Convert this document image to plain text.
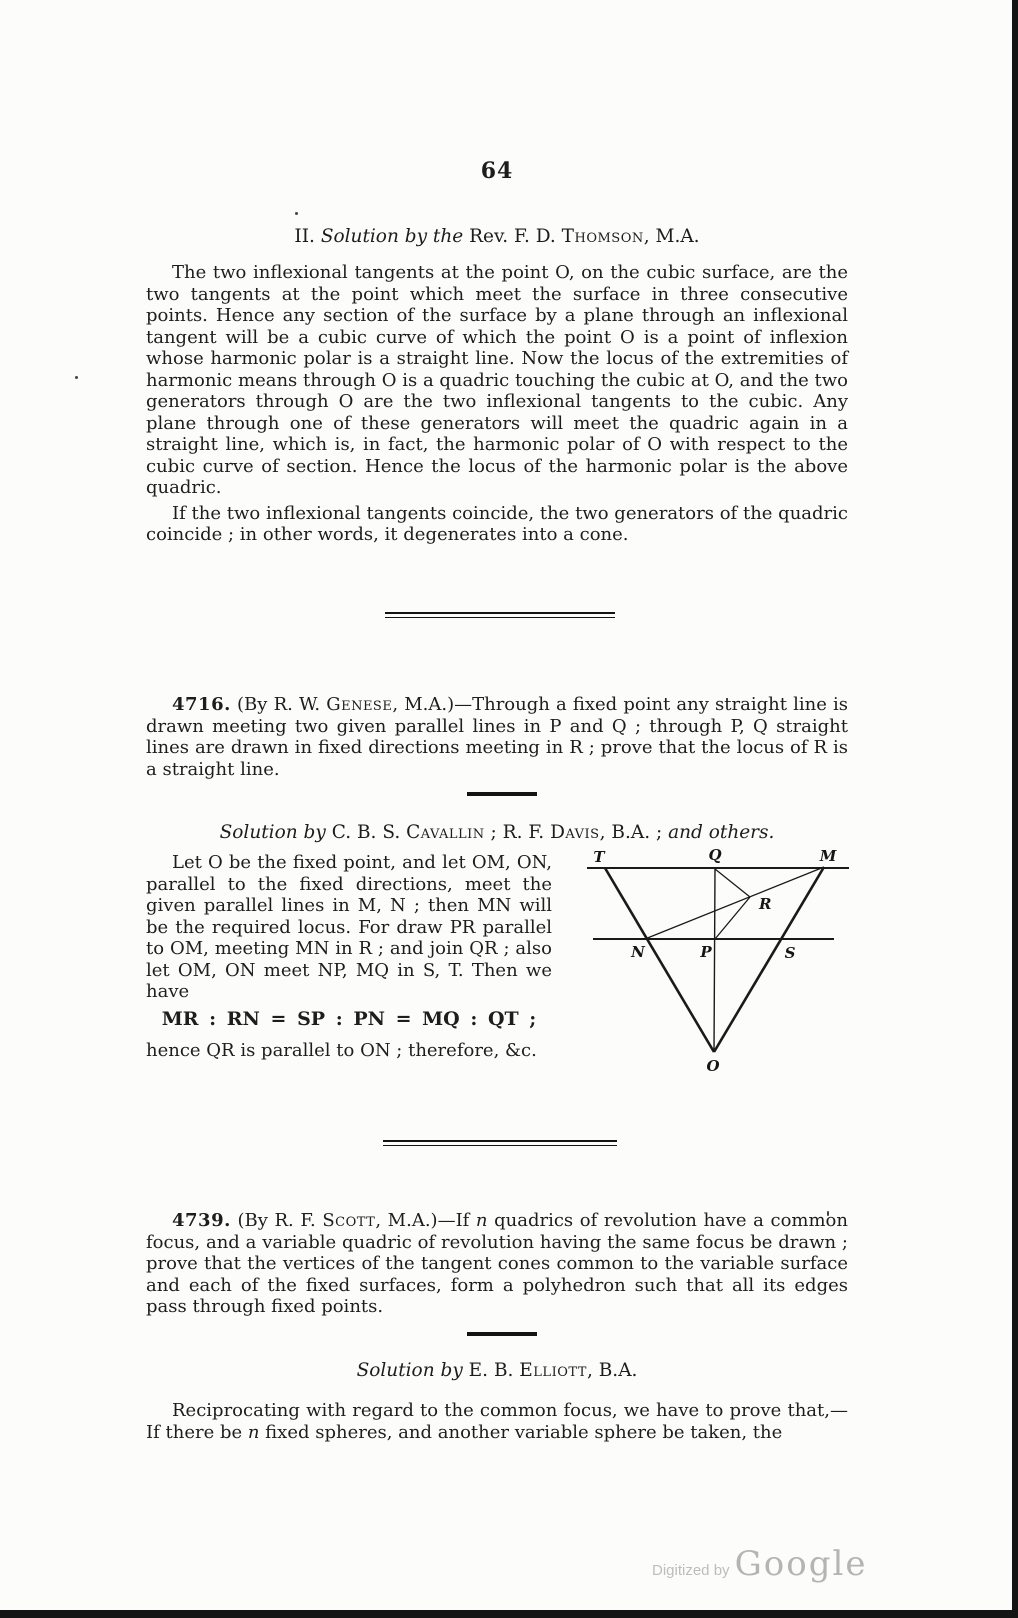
64
II. Solution by the Rev. F. D. Thomson, M.A.

The two inflexional tangents at the point O, on the cubic surface, are the two tangents at the point which meet the surface in three consecutive points. Hence any section of the surface by a plane through an inflexional tangent will be a cubic curve of which the point O is a point of inflexion whose harmonic polar is a straight line. Now the locus of the extremities of harmonic means through O is a quadric touching the cubic at O, and the two generators through O are the two inflexional tangents to the cubic. Any plane through one of these generators will meet the quadric again in a straight line, which is, in fact, the harmonic polar of O with respect to the cubic curve of section. Hence the locus of the harmonic polar is the above quadric.

If the two inflexional tangents coincide, the two generators of the quadric coincide ; in other words, it degenerates into a cone.

4716. (By R. W. Genese, M.A.)—Through a fixed point any straight line is drawn meeting two given parallel lines in P and Q ; through P, Q straight lines are drawn in fixed directions meeting in R ; prove that the locus of R is a straight line.

Solution by C. B. S. Cavallin ; R. F. Davis, B.A. ; and others.

Let O be the fixed point, and let OM, ON, parallel to the fixed directions, meet the given parallel lines in M, N ; then MN will be the required locus. For draw PR parallel to OM, meeting MN in R ; and join QR ; also let OM, ON meet NP, MQ in S, T. Then we have

MR : RN = SP : PN = MQ : QT ;

hence QR is parallel to ON ; therefore, &c.

T	Q	M
R
N	P	S
O

4739. (By R. F. Scott, M.A.)—If n quadrics of revolution have a common focus, and a variable quadric of revolution having the same focus be drawn ; prove that the vertices of the tangent cones common to the variable surface and each of the fixed surfaces, form a polyhedron such that all its edges pass through fixed points.

Solution by E. B. Elliott, B.A.

Reciprocating with regard to the common focus, we have to prove that,— If there be n fixed spheres, and another variable sphere be taken, the

Digitized by Google
